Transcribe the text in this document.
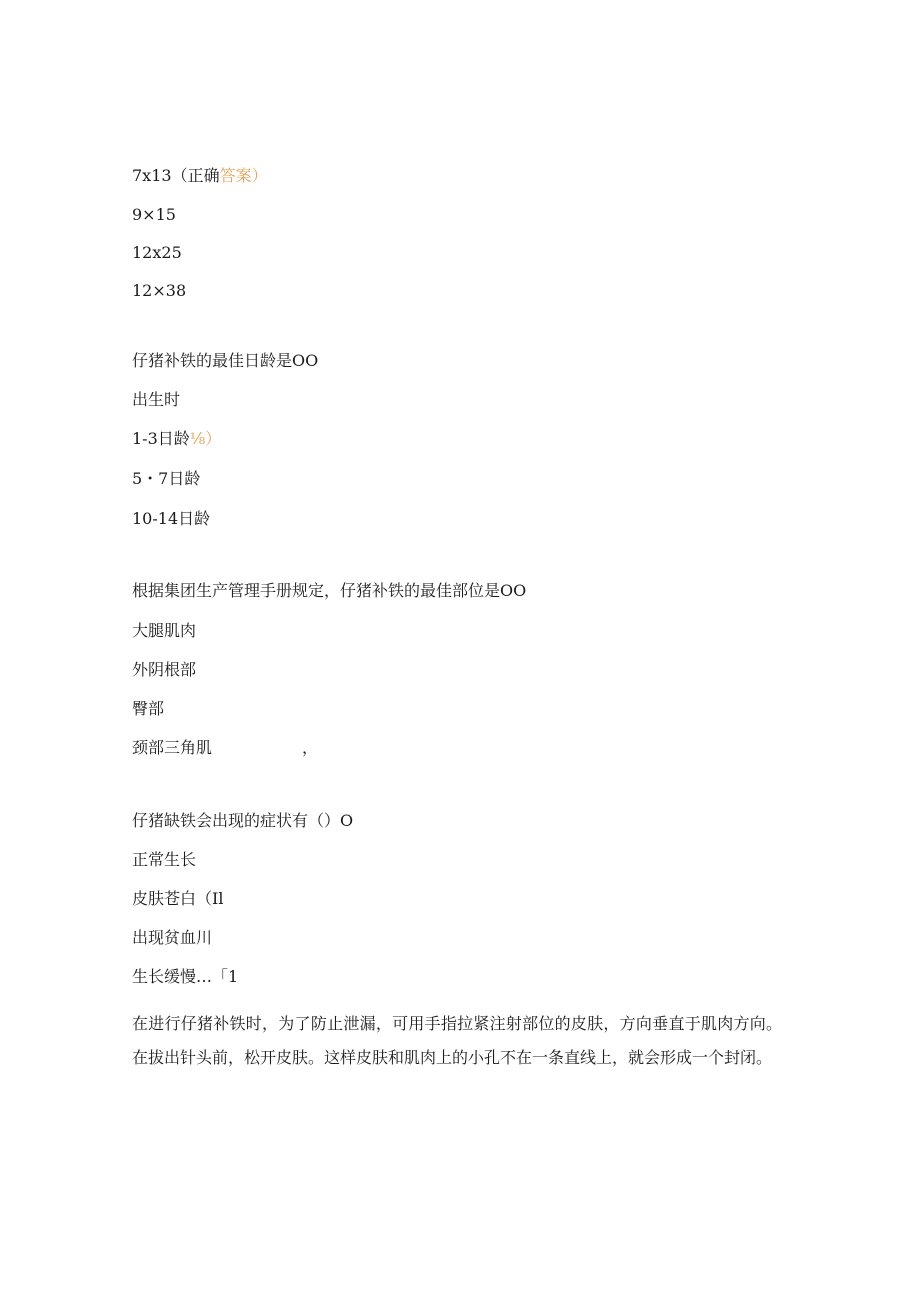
7x13（正确答案）
9×15
12x25
12×38
仔猪补铁的最佳日龄是OO
出生时
1-3日龄⅛）
5・7日龄
10-14日龄
根据集团生产管理手册规定，仔猪补铁的最佳部位是OO
大腿肌肉
外阴根部
臀部
颈部三角肌	，
仔猪缺铁会出现的症状有（）O
正常生长
皮肤苍白（Il
出现贫血川
生长缓慢…「1
在进行仔猪补铁时，为了防止泄漏，可用手指拉紧注射部位的皮肤，方向垂直于肌肉方向。在拔出针头前，松开皮肤。这样皮肤和肌肉上的小孔不在一条直线上，就会形成一个封闭。
